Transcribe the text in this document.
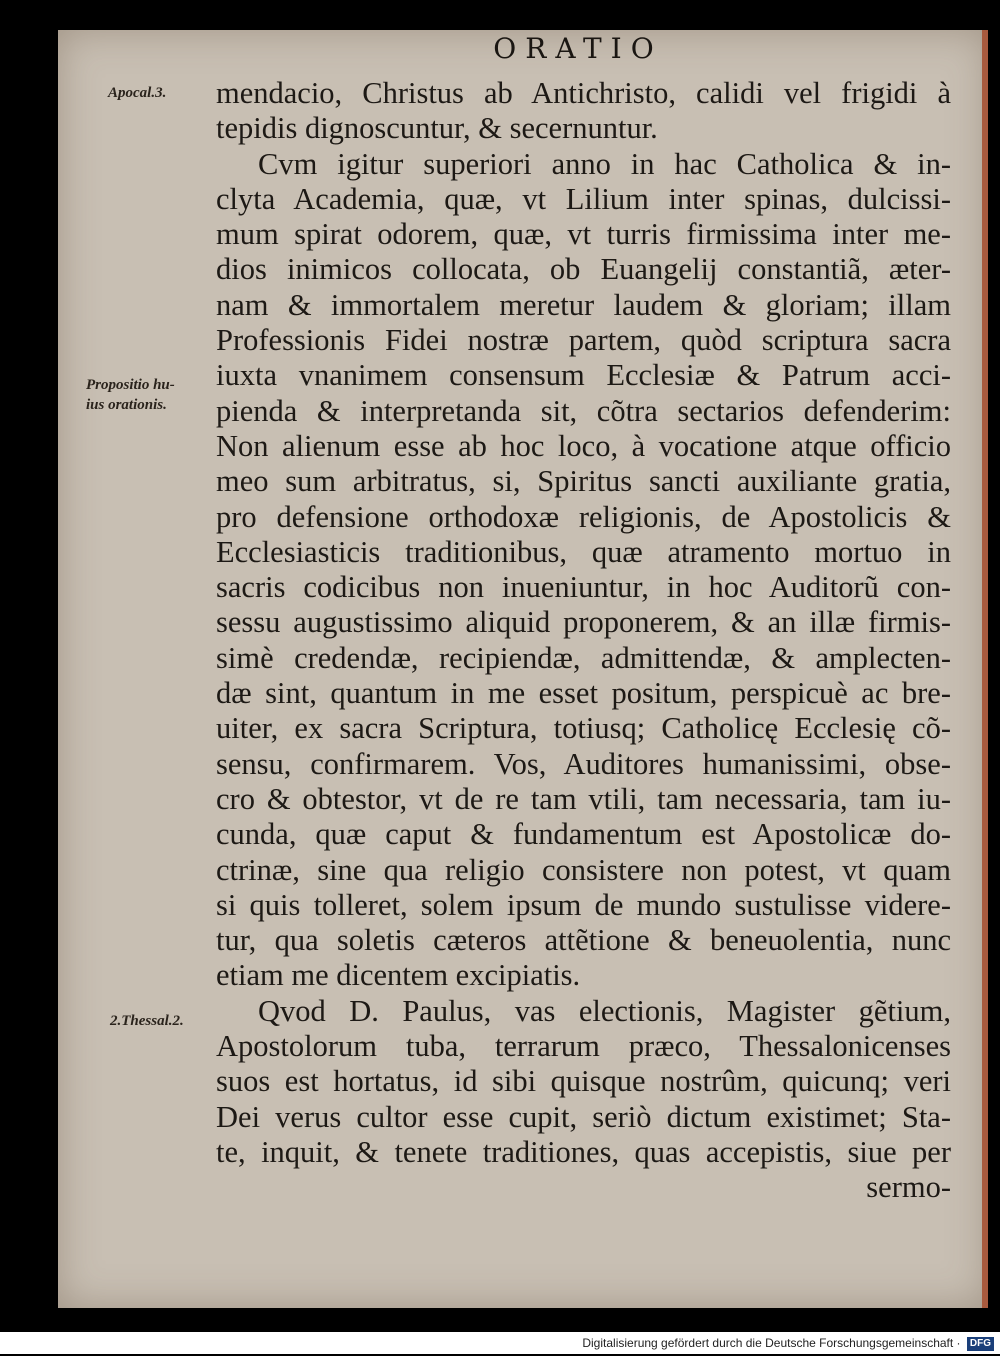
ORATIO
Apocal.3.
Propositio hu-
ius orationis.
2.Thessal.2.
mendacio, Christus ab Antichristo, calidi vel frigidi à
tepidis dignoscuntur, & secernuntur.
Cvm igitur superiori anno in hac Catholica & in-
clyta Academia, quæ, vt Lilium inter spinas, dulcissi-
mum spirat odorem, quæ, vt turris firmissima inter me-
dios inimicos collocata, ob Euangelij constantiã, æter-
nam & immortalem meretur laudem & gloriam; illam
Professionis Fidei nostræ partem, quòd scriptura sacra
iuxta vnanimem consensum Ecclesiæ & Patrum acci-
pienda & interpretanda sit, cõtra sectarios defenderim:
Non alienum esse ab hoc loco, à vocatione atque officio
meo sum arbitratus, si, Spiritus sancti auxiliante gratia,
pro defensione orthodoxæ religionis, de Apostolicis &
Ecclesiasticis traditionibus, quæ atramento mortuo in
sacris codicibus non inueniuntur, in hoc Auditorũ con-
sessu augustissimo aliquid proponerem, & an illæ firmis-
simè credendæ, recipiendæ, admittendæ, & amplecten-
dæ sint, quantum in me esset positum, perspicuè ac bre-
uiter, ex sacra Scriptura, totiusq; Catholicę Ecclesię cõ-
sensu, confirmarem. Vos, Auditores humanissimi, obse-
cro & obtestor, vt de re tam vtili, tam necessaria, tam iu-
cunda, quæ caput & fundamentum est Apostolicæ do-
ctrinæ, sine qua religio consistere non potest, vt quam
si quis tolleret, solem ipsum de mundo sustulisse videre-
tur, qua soletis cæteros attẽtione & beneuolentia, nunc
etiam me dicentem excipiatis.
Qvod D. Paulus, vas electionis, Magister gẽtium,
Apostolorum tuba, terrarum præco, Thessalonicenses
suos est hortatus, id sibi quisque nostrûm, quicunq; veri
Dei verus cultor esse cupit, seriò dictum existimet; Sta-
te, inquit, & tenete traditiones, quas accepistis, siue per
sermo-
Digitalisierung gefördert durch die Deutsche Forschungsgemeinschaft · DFG
